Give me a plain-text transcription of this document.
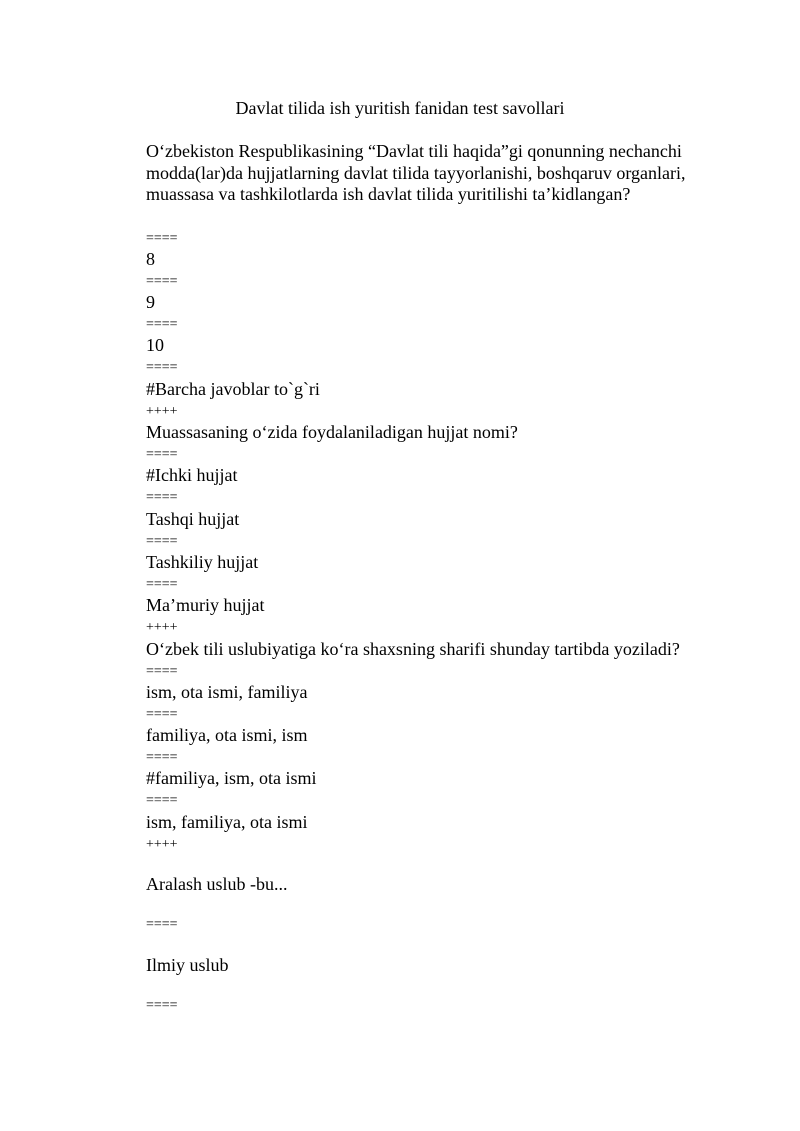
Davlat tilida ish yuritish fanidan test savollari
O‘zbekiston Respublikasining “Davlat tili haqida”gi qonunning nechanchi modda(lar)da hujjatlarning davlat tilida tayyorlanishi, boshqaruv organlari, muassasa va tashkilotlarda ish davlat tilida yuritilishi ta’kidlangan?
====
8
====
9
====
10
====
#Barcha javoblar to`g`ri
++++
Muassasaning o‘zida foydalaniladigan hujjat nomi?
====
#Ichki hujjat
====
Tashqi hujjat
====
Tashkiliy hujjat
====
Ma’muriy hujjat
++++
O‘zbek tili uslubiyatiga ko‘ra shaxsning sharifi shunday tartibda yoziladi?
====
ism, ota ismi, familiya
====
familiya, ota ismi, ism
====
#familiya, ism, ota ismi
====
ism, familiya, ota ismi
++++
Aralash uslub -bu...
====
Ilmiy uslub
====
